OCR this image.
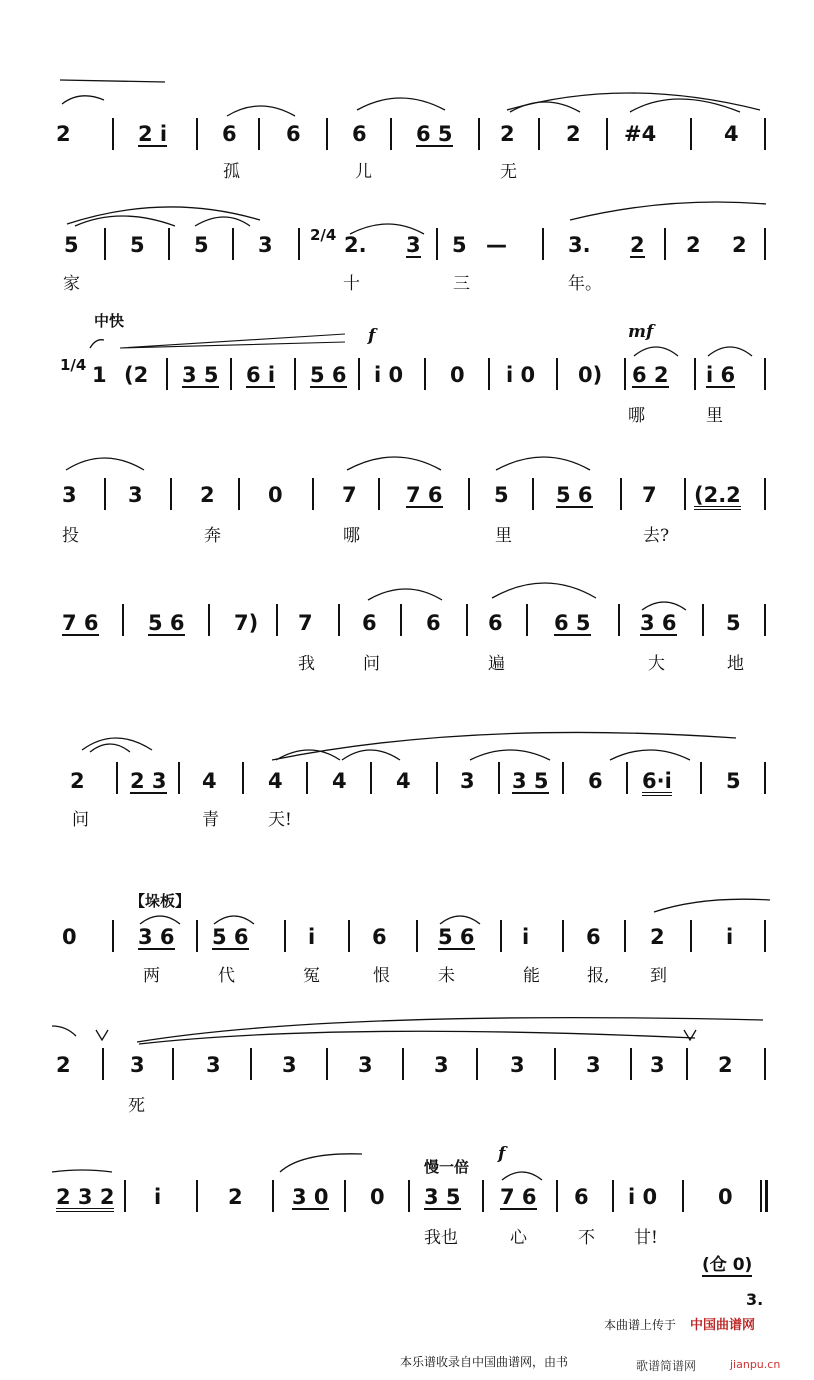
2	2 i	6 6 6 6 5 2 2 #4	4
孤	儿	无
5 5 5 3 2/4 2. 3 5 —	3. 2 2 2
家	十	三	年。
中快
f	mf
1/4 1 (2 3 5 6 i 5 6 i 0 0 i 0 0) 6 2 i 6
哪	里
3 3	2	0	7 7 6 5 5 6 7 (2.2
投	奔	哪	里	去?
7 6 5 6 7) 7 6 6 6 6 5 3 6 5
我	问	遍	大	地
2 2 3 4 4 4 4 3 3 5 6 6·i	5
问	青	天!
【垛板】
0	3 6 5 6	i	6 5 6 i	6 2	i
两	代	冤	恨	未	能	报, 到
2	3	3	3	3	3	3	3 3	2
死
慢一倍
f
2 3 2 i	2 3 0 0 3 5 7 6 6 i 0	0
我也	心	不 甘!
(仓 0)
3.
本曲谱上传于 中国曲谱网
本乐谱收录自中国曲谱网，由书	歌谱简谱网	jianpu.cn
